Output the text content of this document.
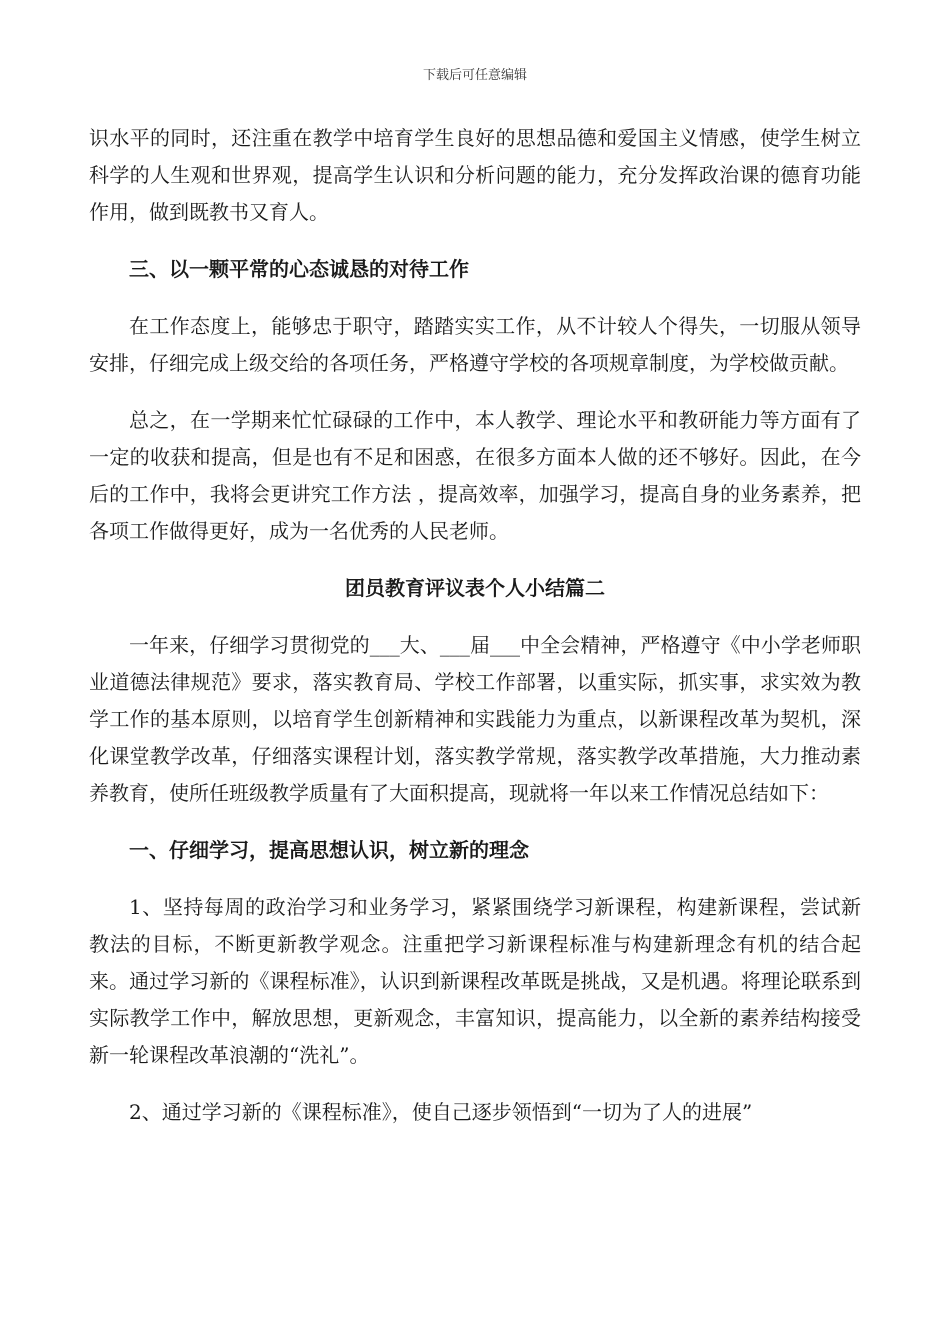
下载后可任意编辑

识水平的同时，还注重在教学中培育学生良好的思想品德和爱国主义情感，使学生树立科学的人生观和世界观，提高学生认识和分析问题的能力，充分发挥政治课的德育功能作用，做到既教书又育人。

三、以一颗平常的心态诚恳的对待工作

在工作态度上，能够忠于职守，踏踏实实工作，从不计较人个得失，一切服从领导安排，仔细完成上级交给的各项任务，严格遵守学校的各项规章制度，为学校做贡献。

总之，在一学期来忙忙碌碌的工作中，本人教学、理论水平和教研能力等方面有了一定的收获和提高，但是也有不足和困惑，在很多方面本人做的还不够好。因此，在今后的工作中，我将会更讲究工作方法 ，提高效率，加强学习，提高自身的业务素养，把各项工作做得更好，成为一名优秀的人民老师。

团员教育评议表个人小结篇二

一年来，仔细学习贯彻党的___大、___届___中全会精神，严格遵守《中小学老师职业道德法律规范》要求，落实教育局、学校工作部署，以重实际，抓实事，求实效为教学工作的基本原则，以培育学生创新精神和实践能力为重点，以新课程改革为契机，深化课堂教学改革，仔细落实课程计划，落实教学常规，落实教学改革措施，大力推动素养教育，使所任班级教学质量有了大面积提高，现就将一年以来工作情况总结如下：

一、仔细学习，提高思想认识，树立新的理念

1、坚持每周的政治学习和业务学习，紧紧围绕学习新课程，构建新课程，尝试新教法的目标，不断更新教学观念。注重把学习新课程标准与构建新理念有机的结合起来。通过学习新的《课程标准》，认识到新课程改革既是挑战，又是机遇。将理论联系到实际教学工作中，解放思想，更新观念，丰富知识，提高能力，以全新的素养结构接受新一轮课程改革浪潮的“洗礼”。

2、通过学习新的《课程标准》，使自己逐步领悟到“一切为了人的进展”
